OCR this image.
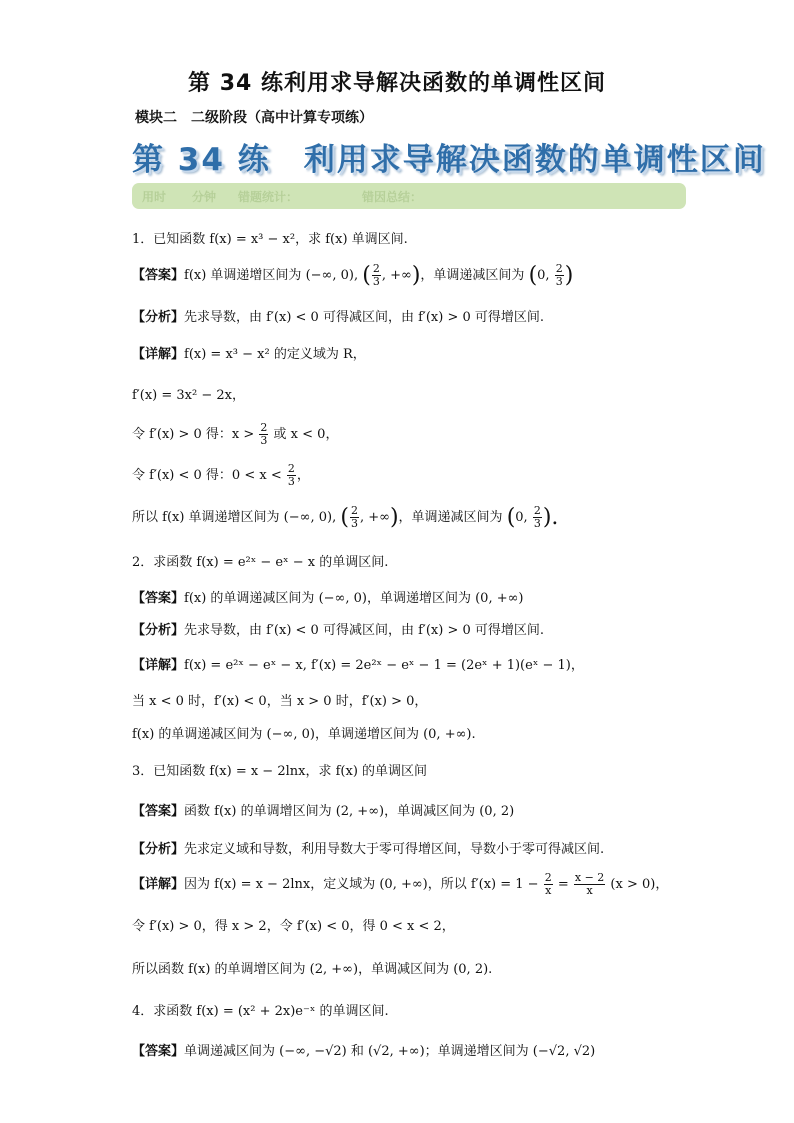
第 34 练利用求导解决函数的单调性区间
模块二　二级阶段（高中计算专项练）
第 34 练　利用求导解决函数的单调性区间
用时 分钟 错题统计：	错因总结：
1．已知函数 f(x) = x³ − x²，求 f(x) 单调区间.
【答案】f(x) 单调递增区间为 (−∞, 0), ( $\frac{2}{3}$ , +∞)，单调递减区间为 (0, $\frac{2}{3}$ )
【分析】先求导数，由 f′(x) < 0 可得减区间，由 f′(x) > 0 可得增区间.
【详解】f(x) = x³ − x² 的定义域为 R，
f′(x) = 3x² − 2x，
令 f′(x) > 0 得：$x > \frac{2}{3}$ 或 x < 0，
令 f′(x) < 0 得：$0 < x < \frac{2}{3}$ ，
所以 f(x) 单调递增区间为 (−∞, 0), ( $\frac{2}{3}$ , +∞)，单调递减区间为 (0, $\frac{2}{3}$ ).
2．求函数 f(x) = e²ˣ − eˣ − x 的单调区间.
【答案】f(x) 的单调递减区间为 (−∞, 0)，单调递增区间为 (0, +∞)
【分析】先求导数，由 f′(x) < 0 可得减区间，由 f′(x) > 0 可得增区间.
【详解】f(x) = e²ˣ − eˣ − x, f′(x) = 2e²ˣ − eˣ − 1 = (2eˣ + 1)(eˣ − 1)，
当 x < 0 时，f′(x) < 0，当 x > 0 时，f′(x) > 0，
f(x) 的单调递减区间为 (−∞, 0)，单调递增区间为 (0, +∞).
3．已知函数 f(x) = x − 2lnx，求 f(x) 的单调区间
【答案】函数 f(x) 的单调增区间为 (2, +∞)，单调减区间为 (0, 2)
【分析】先求定义域和导数，利用导数大于零可得增区间，导数小于零可得减区间.
【详解】因为 f(x) = x − 2lnx，定义域为 (0, +∞)，所以 $f'(x) = 1 - \frac{2}{x} = \frac{x - 2}{x} (x > 0)$，
令 f′(x) > 0，得 x > 2，令 f′(x) < 0，得 0 < x < 2，
所以函数 f(x) 的单调增区间为 (2, +∞)，单调减区间为 (0, 2).
4．求函数 f(x) = (x² + 2x)e⁻ˣ 的单调区间.
【答案】单调递减区间为 (−∞, −√2) 和 (√2, +∞)；单调递增区间为 (−√2, √2)
